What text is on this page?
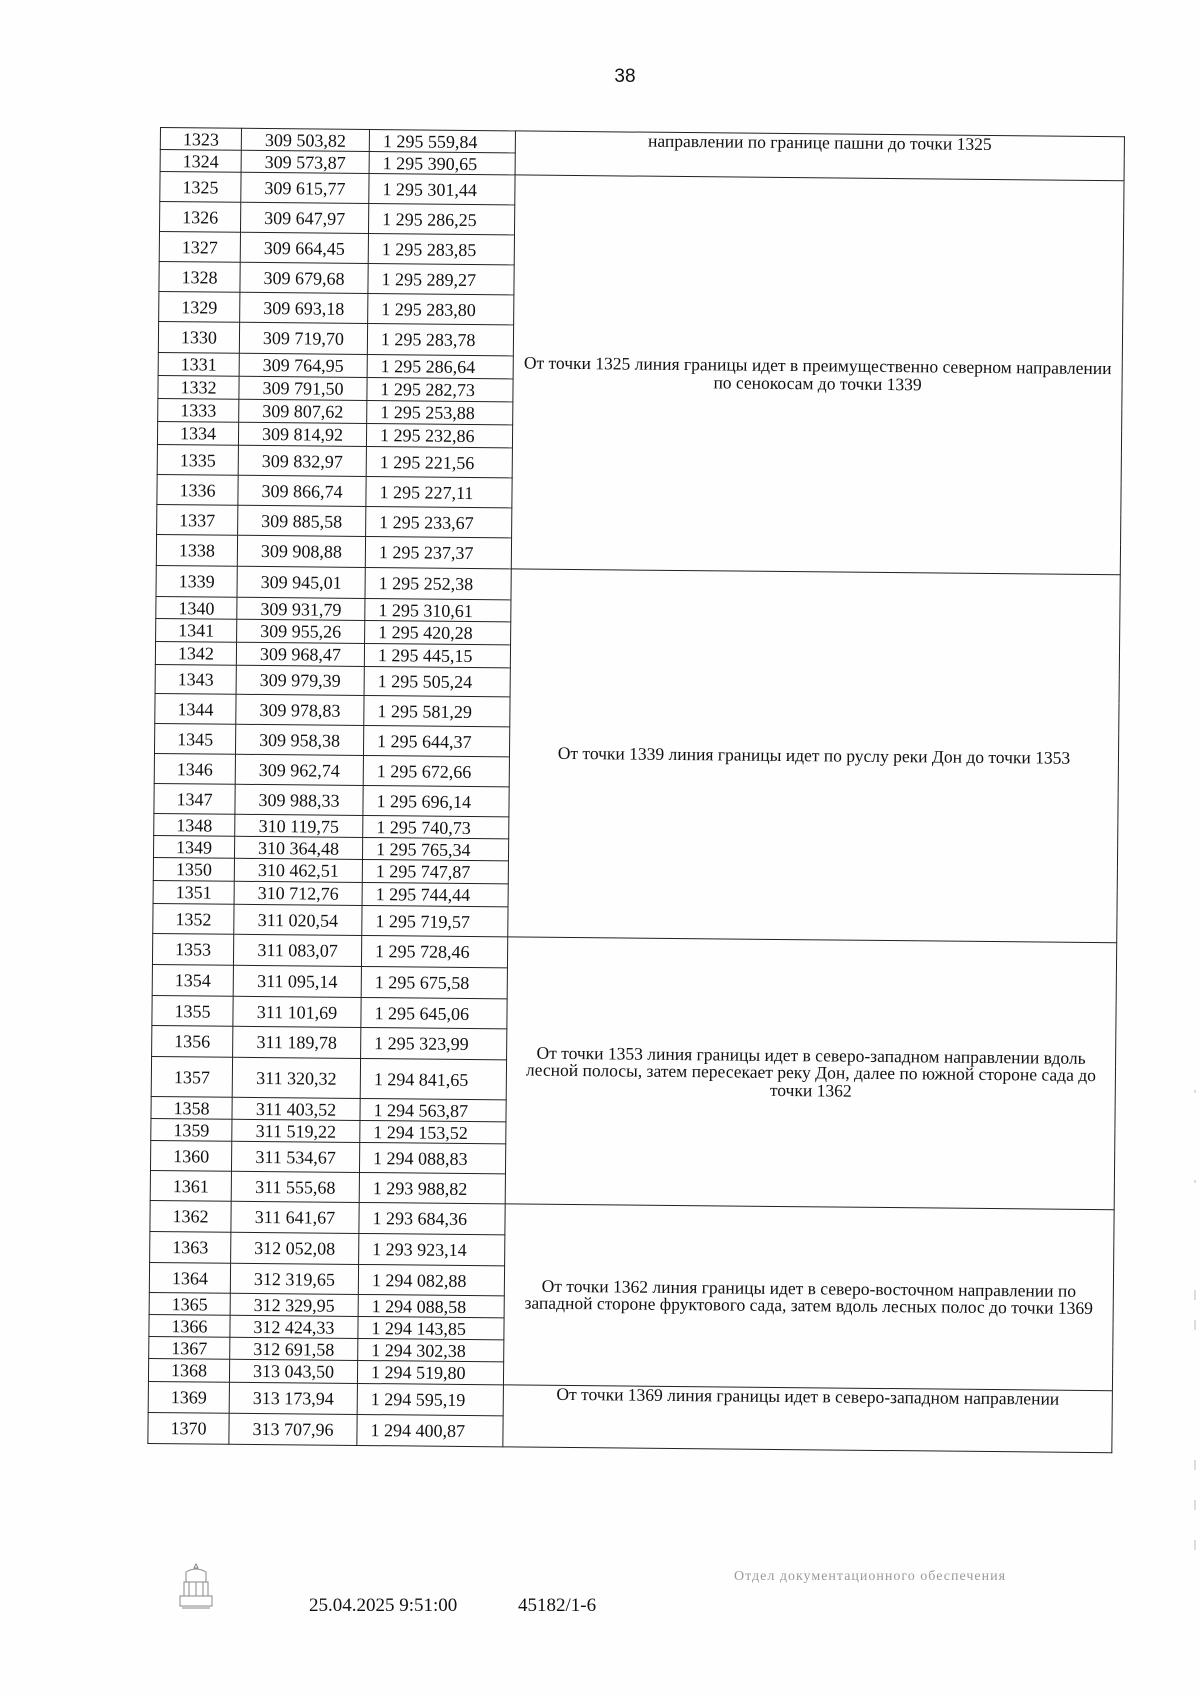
38
1323	309 503,82	1 295 559,84	направлении по границе пашни до точки 1325
1324	309 573,87	1 295 390,65	
1325	309 615,77	1 295 301,44	От точки 1325 линия границы идет в преимущественно северном направлении по сенокосам до точки 1339
1326	309 647,97	1 295 286,25	
1327	309 664,45	1 295 283,85	
1328	309 679,68	1 295 289,27	
1329	309 693,18	1 295 283,80	
1330	309 719,70	1 295 283,78	
1331	309 764,95	1 295 286,64	
1332	309 791,50	1 295 282,73	
1333	309 807,62	1 295 253,88	
1334	309 814,92	1 295 232,86	
1335	309 832,97	1 295 221,56	
1336	309 866,74	1 295 227,11	
1337	309 885,58	1 295 233,67	
1338	309 908,88	1 295 237,37	
1339	309 945,01	1 295 252,38	От точки 1339 линия границы идет по руслу реки Дон до точки 1353
1340	309 931,79	1 295 310,61	
1341	309 955,26	1 295 420,28	
1342	309 968,47	1 295 445,15	
1343	309 979,39	1 295 505,24	
1344	309 978,83	1 295 581,29	
1345	309 958,38	1 295 644,37	
1346	309 962,74	1 295 672,66	
1347	309 988,33	1 295 696,14	
1348	310 119,75	1 295 740,73	
1349	310 364,48	1 295 765,34	
1350	310 462,51	1 295 747,87	
1351	310 712,76	1 295 744,44	
1352	311 020,54	1 295 719,57	
1353	311 083,07	1 295 728,46	От точки 1353 линия границы идет в северо-западном направлении вдоль лесной полосы, затем пересекает реку Дон, далее по южной стороне сада до точки 1362
1354	311 095,14	1 295 675,58	
1355	311 101,69	1 295 645,06	
1356	311 189,78	1 295 323,99	
1357	311 320,32	1 294 841,65	
1358	311 403,52	1 294 563,87	
1359	311 519,22	1 294 153,52	
1360	311 534,67	1 294 088,83	
1361	311 555,68	1 293 988,82	
1362	311 641,67	1 293 684,36	От точки 1362 линия границы идет в северо-восточном направлении по западной стороне фруктового сада, затем вдоль лесных полос до точки 1369
1363	312 052,08	1 293 923,14	
1364	312 319,65	1 294 082,88	
1365	312 329,95	1 294 088,58	
1366	312 424,33	1 294 143,85	
1367	312 691,58	1 294 302,38	
1368	313 043,50	1 294 519,80	
1369	313 173,94	1 294 595,19	От точки 1369 линия границы идет в северо-западном направлении
1370	313 707,96	1 294 400,87	
25.04.2025 9:51:00	45182/1-6
Отдел документационного обеспечения
